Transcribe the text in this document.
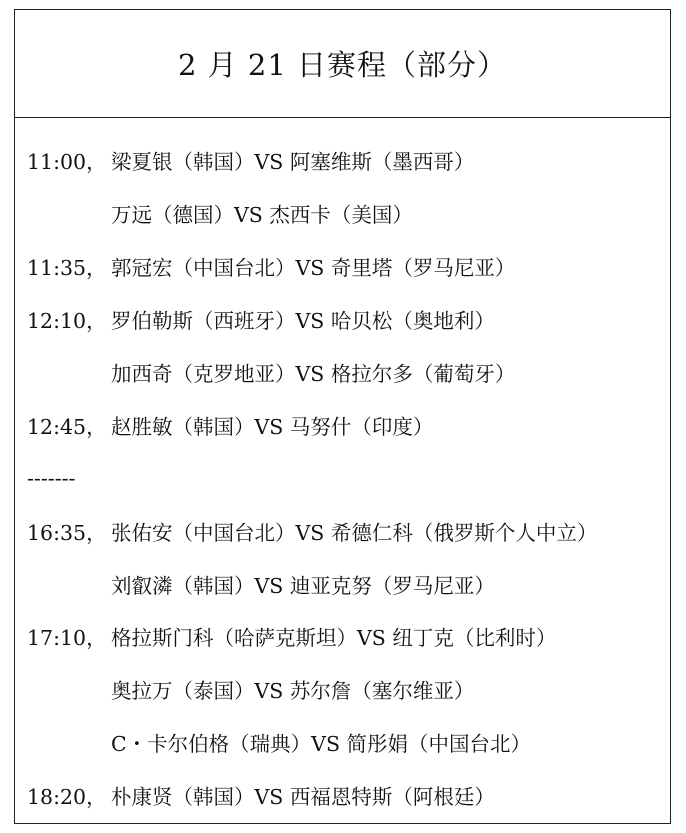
2 月 21 日赛程（部分）
11:00， 梁夏银（韩国）VS 阿塞维斯（墨西哥）
万远（德国）VS 杰西卡（美国）
11:35， 郭冠宏（中国台北）VS 奇里塔（罗马尼亚）
12:10， 罗伯勒斯（西班牙）VS 哈贝松（奥地利）
加西奇（克罗地亚）VS 格拉尔多（葡萄牙）
12:45， 赵胜敏（韩国）VS 马努什（印度）
-------
16:35， 张佑安（中国台北）VS 希德仁科（俄罗斯个人中立）
刘叡潾（韩国）VS 迪亚克努（罗马尼亚）
17:10， 格拉斯门科（哈萨克斯坦）VS 纽丁克（比利时）
奥拉万（泰国）VS 苏尔詹（塞尔维亚）
C・卡尔伯格（瑞典）VS 简彤娟（中国台北）
18:20， 朴康贤（韩国）VS 西福恩特斯（阿根廷）
